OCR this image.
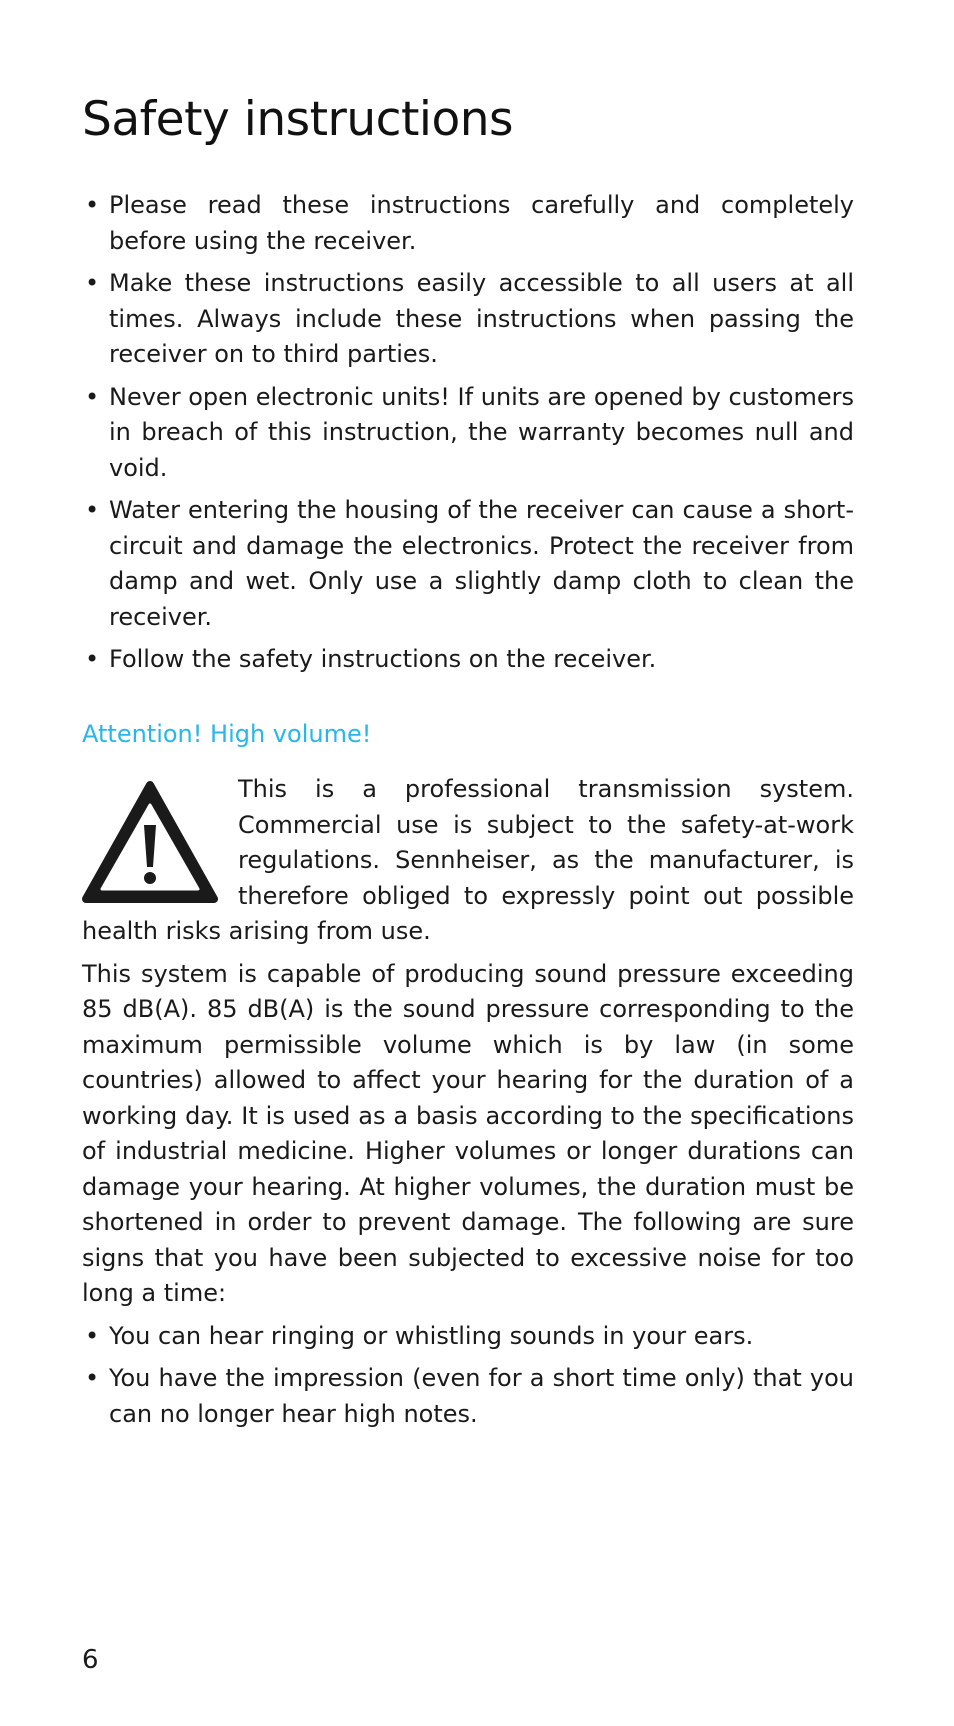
Safety instructions
• Please read these instructions carefully and completely before using the receiver.
• Make these instructions easily accessible to all users at all times. Always include these instructions when passing the receiver on to third parties.
• Never open electronic units! If units are opened by customers in breach of this instruction, the warranty becomes null and void.
• Water entering the housing of the receiver can cause a short-circuit and damage the electronics. Protect the receiver from damp and wet. Only use a slightly damp cloth to clean the receiver.
• Follow the safety instructions on the receiver.
Attention! High volume!
This is a professional transmission system. Commercial use is subject to the safety-at-work regulations. Sennheiser, as the manufacturer, is therefore obliged to expressly point out possible health risks arising from use.

This system is capable of producing sound pressure exceeding 85 dB(A). 85 dB(A) is the sound pressure corresponding to the maximum permissible volume which is by law (in some countries) allowed to affect your hearing for the duration of a working day. It is used as a basis according to the specifications of industrial medicine. Higher volumes or longer durations can damage your hearing. At higher volumes, the duration must be shortened in order to prevent damage. The following are sure signs that you have been subjected to excessive noise for too long a time:

• You can hear ringing or whistling sounds in your ears.
• You have the impression (even for a short time only) that you can no longer hear high notes.
6
